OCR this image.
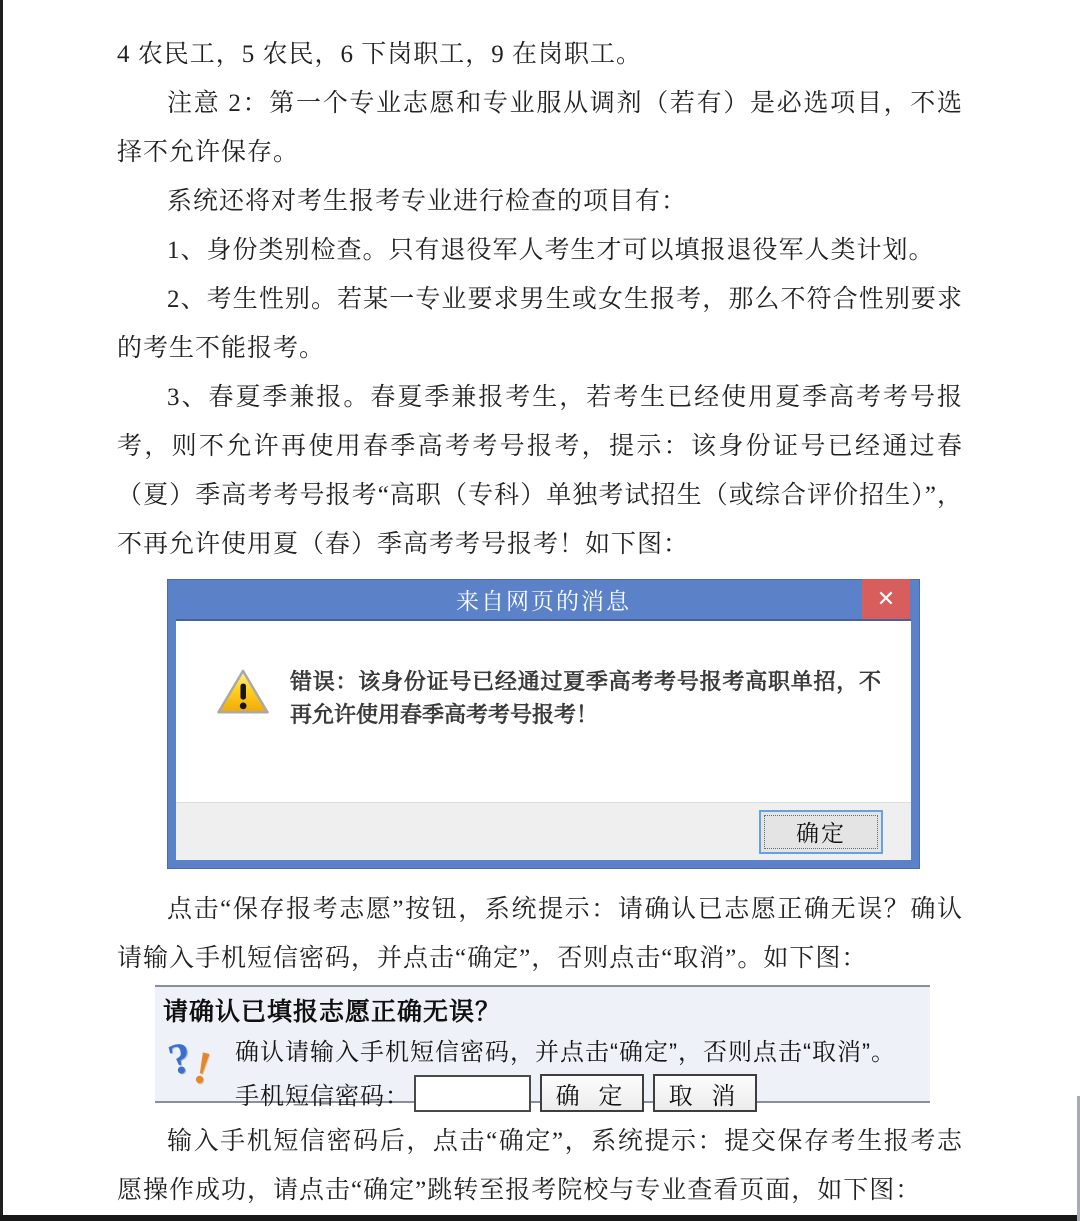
4 农民工，5 农民，6 下岗职工，9 在岗职工。

注意 2：第一个专业志愿和专业服从调剂（若有）是必选项目，不选择不允许保存。

系统还将对考生报考专业进行检查的项目有：

1、身份类别检查。只有退役军人考生才可以填报退役军人类计划。

2、考生性别。若某一专业要求男生或女生报考，那么不符合性别要求的考生不能报考。

3、春夏季兼报。春夏季兼报考生，若考生已经使用夏季高考考号报考，则不允许再使用春季高考考号报考，提示：该身份证号已经通过春（夏）季高考考号报考“高职（专科）单独考试招生（或综合评价招生）”，不再允许使用夏（春）季高考考号报考！如下图：

来自网页的消息	✕
错误：该身份证号已经通过夏季高考考号报考高职单招，不再允许使用春季高考考号报考！
确定

点击“保存报考志愿”按钮，系统提示：请确认已志愿正确无误？确认请输入手机短信密码，并点击“确定”，否则点击“取消”。如下图：

请确认已填报志愿正确无误？
?
! 确认请输入手机短信密码，并点击“确定”，否则点击“取消”。
手机短信密码：	确 定	取 消

输入手机短信密码后，点击“确定”，系统提示：提交保存考生报考志愿操作成功，请点击“确定”跳转至报考院校与专业查看页面，如下图：
